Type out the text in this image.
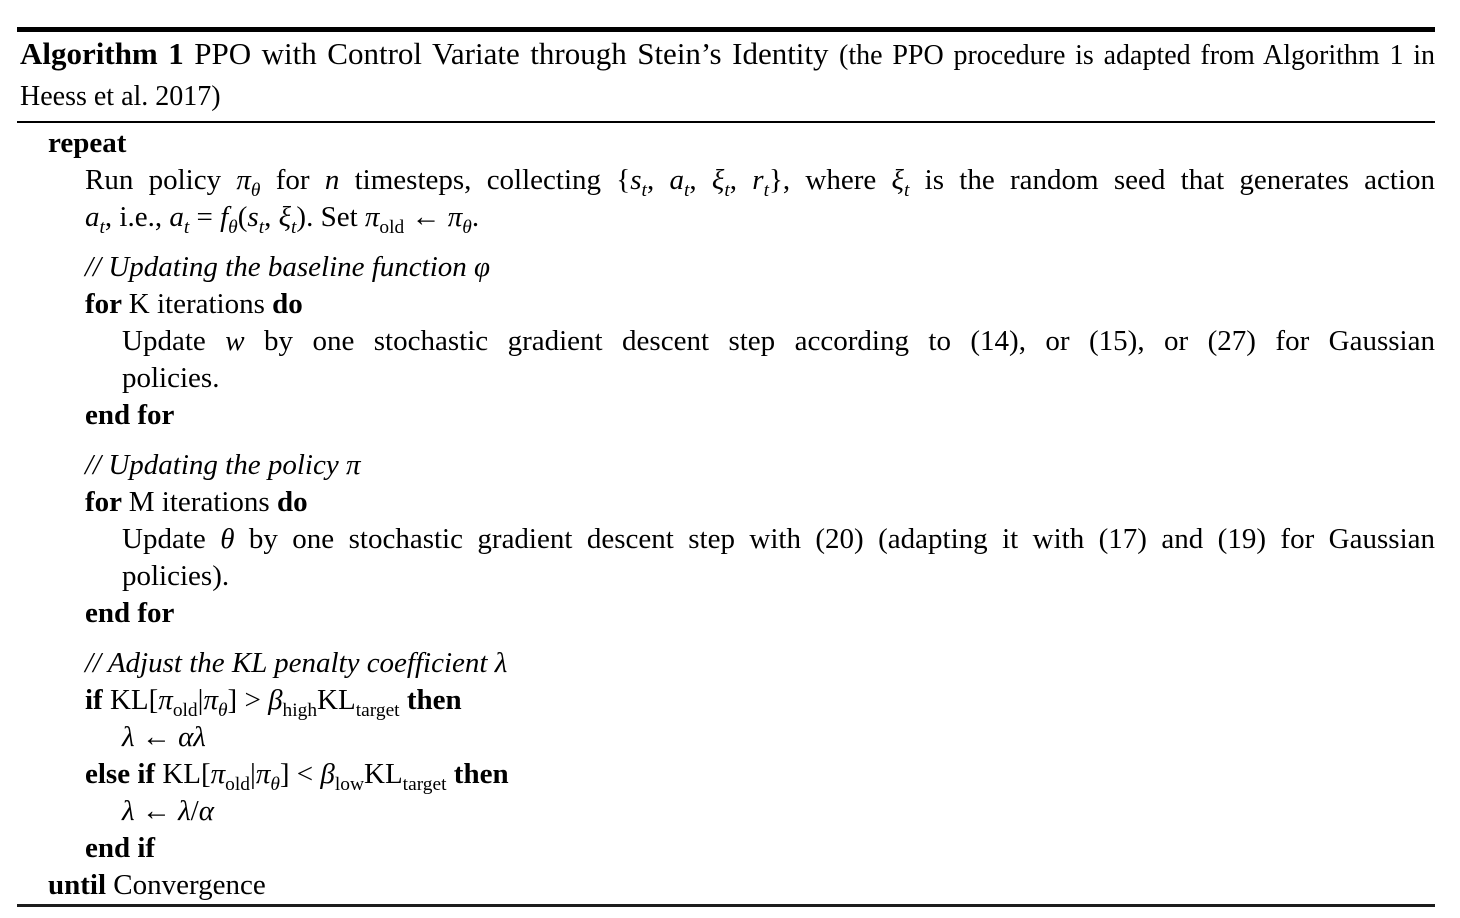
Algorithm 1 PPO with Control Variate through Stein’s Identity (the PPO procedure is adapted from Algorithm 1 in Heess et al. 2017)
repeat
Run policy $\pi_\theta$ for n timesteps, collecting {$s_t$, $a_t$, $\xi_t$, $r_t$}, where $\xi_t$ is the random seed that generates action
$a_t$, i.e., $a_t = f_\theta(s_t$, $\xi_t$). Set $\pi_{old}$ ← $\pi_\theta$.
// Updating the baseline function φ
for K iterations do
Update w by one stochastic gradient descent step according to (14), or (15), or (27) for Gaussian
policies.
end for
// Updating the policy π
for M iterations do
Update θ by one stochastic gradient descent step with (20) (adapting it with (17) and (19) for Gaussian
policies).
end for
// Adjust the KL penalty coefficient λ
if $KL[\pi_{old}|\pi_\theta] > \beta_{high}KL_{target}$ then
λ ← αλ
else if $KL[\pi_{old}|\pi_\theta] < \beta_{low}KL_{target}$ then
λ ← λ/α
end if
until Convergence
